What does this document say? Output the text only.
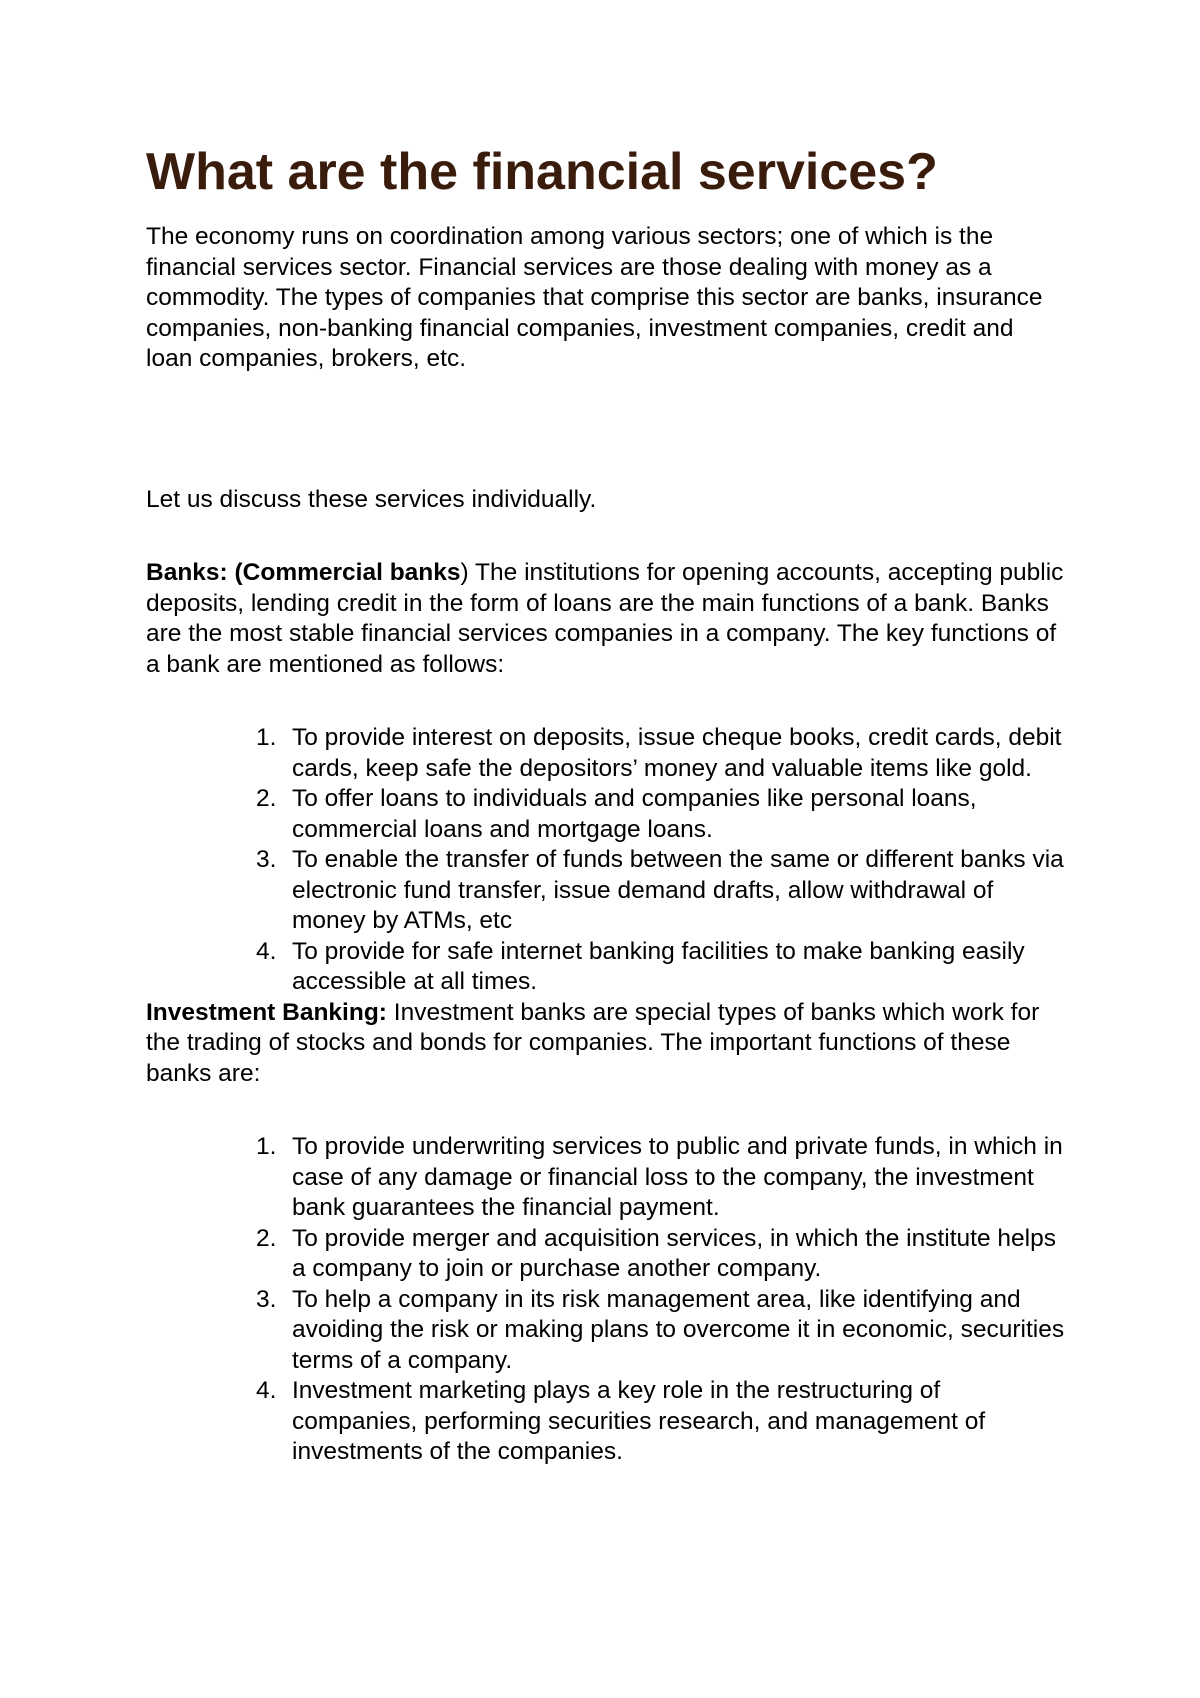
What are the financial services?

The economy runs on coordination among various sectors; one of which is the financial services sector. Financial services are those dealing with money as a commodity. The types of companies that comprise this sector are banks, insurance companies, non-banking financial companies, investment companies, credit and loan companies, brokers, etc.

Let us discuss these services individually.

Banks: (Commercial banks) The institutions for opening accounts, accepting public deposits, lending credit in the form of loans are the main functions of a bank. Banks are the most stable financial services companies in a company. The key functions of a bank are mentioned as follows:

1. To provide interest on deposits, issue cheque books, credit cards, debit cards, keep safe the depositors’ money and valuable items like gold.
2. To offer loans to individuals and companies like personal loans, commercial loans and mortgage loans.
3. To enable the transfer of funds between the same or different banks via electronic fund transfer, issue demand drafts, allow withdrawal of money by ATMs, etc
4. To provide for safe internet banking facilities to make banking easily accessible at all times.

Investment Banking: Investment banks are special types of banks which work for the trading of stocks and bonds for companies. The important functions of these banks are:

1. To provide underwriting services to public and private funds, in which in case of any damage or financial loss to the company, the investment bank guarantees the financial payment.
2. To provide merger and acquisition services, in which the institute helps a company to join or purchase another company.
3. To help a company in its risk management area, like identifying and avoiding the risk or making plans to overcome it in economic, securities terms of a company.
4. Investment marketing plays a key role in the restructuring of companies, performing securities research, and management of investments of the companies.
